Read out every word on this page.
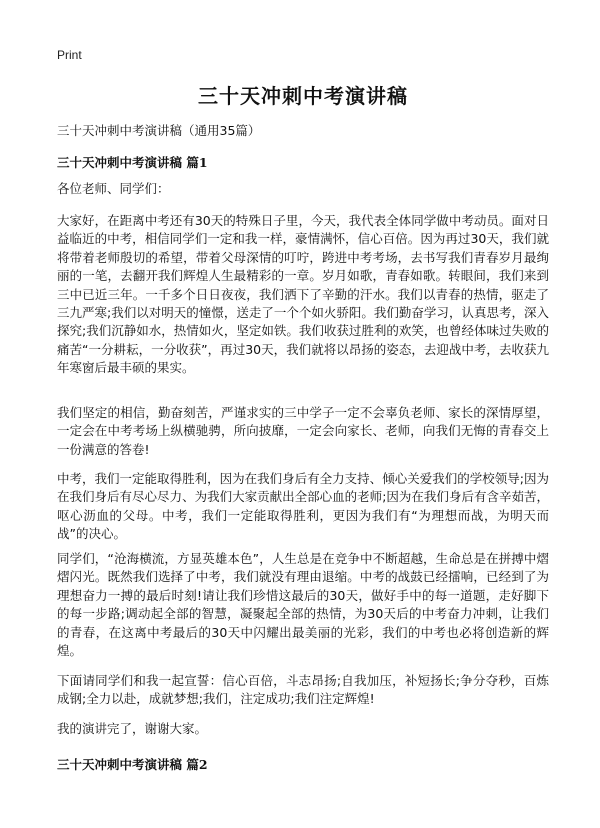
Print
三十天冲刺中考演讲稿

三十天冲刺中考演讲稿（通用35篇）

三十天冲刺中考演讲稿 篇1

各位老师、同学们：

大家好，在距离中考还有30天的特殊日子里，今天，我代表全体同学做中考动员。面对日益临近的中考，相信同学们一定和我一样，豪情满怀，信心百倍。因为再过30天，我们就将带着老师殷切的希望，带着父母深情的叮咛，跨进中考考场，去书写我们青春岁月最绚丽的一笔，去翻开我们辉煌人生最精彩的一章。岁月如歌，青春如歌。转眼间，我们来到三中已近三年。一千多个日日夜夜，我们洒下了辛勤的汗水。我们以青春的热情，驱走了三九严寒;我们以对明天的憧憬，送走了一个个如火骄阳。我们勤奋学习，认真思考，深入探究;我们沉静如水，热情如火，坚定如铁。我们收获过胜利的欢笑，也曾经体味过失败的痛苦“一分耕耘，一分收获”，再过30天，我们就将以昂扬的姿态，去迎战中考，去收获九年寒窗后最丰硕的果实。

我们坚定的相信，勤奋刻苦，严谨求实的三中学子一定不会辜负老师、家长的深情厚望，一定会在中考考场上纵横驰骋，所向披靡，一定会向家长、老师，向我们无悔的青春交上一份满意的答卷!

中考，我们一定能取得胜利，因为在我们身后有全力支持、倾心关爱我们的学校领导;因为在我们身后有尽心尽力、为我们大家贡献出全部心血的老师;因为在我们身后有含辛茹苦，呕心沥血的父母。中考，我们一定能取得胜利，更因为我们有“为理想而战，为明天而战”的决心。

同学们，“沧海横流，方显英雄本色”，人生总是在竞争中不断超越，生命总是在拼搏中熠熠闪光。既然我们选择了中考，我们就没有理由退缩。中考的战鼓已经擂响，已经到了为理想奋力一搏的最后时刻!请让我们珍惜这最后的30天，做好手中的每一道题，走好脚下的每一步路;调动起全部的智慧，凝聚起全部的热情，为30天后的中考奋力冲刺，让我们的青春，在这离中考最后的30天中闪耀出最美丽的光彩，我们的中考也必将创造新的辉煌。

下面请同学们和我一起宣誓：信心百倍，斗志昂扬;自我加压，补短扬长;争分夺秒，百炼成钢;全力以赴，成就梦想;我们，注定成功;我们注定辉煌!

我的演讲完了，谢谢大家。

三十天冲刺中考演讲稿 篇2
